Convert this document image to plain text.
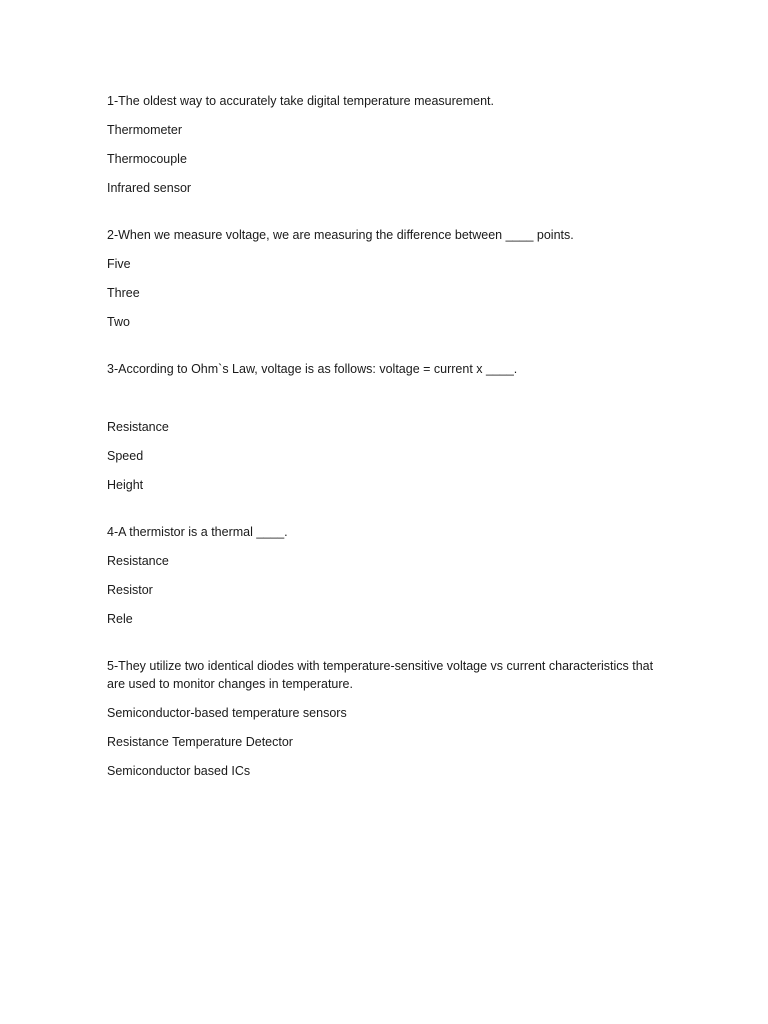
1-The oldest way to accurately take digital temperature measurement.

Thermometer

Thermocouple

Infrared sensor

2-When we measure voltage, we are measuring the difference between ____ points.

Five

Three

Two

3-According to Ohm`s Law, voltage is as follows: voltage = current x ____.

Resistance

Speed

Height

4-A thermistor is a thermal ____.

Resistance

Resistor

Rele

5-They utilize two identical diodes with temperature-sensitive voltage vs current characteristics that are used to monitor changes in temperature.

Semiconductor-based temperature sensors

Resistance Temperature Detector

Semiconductor based ICs
